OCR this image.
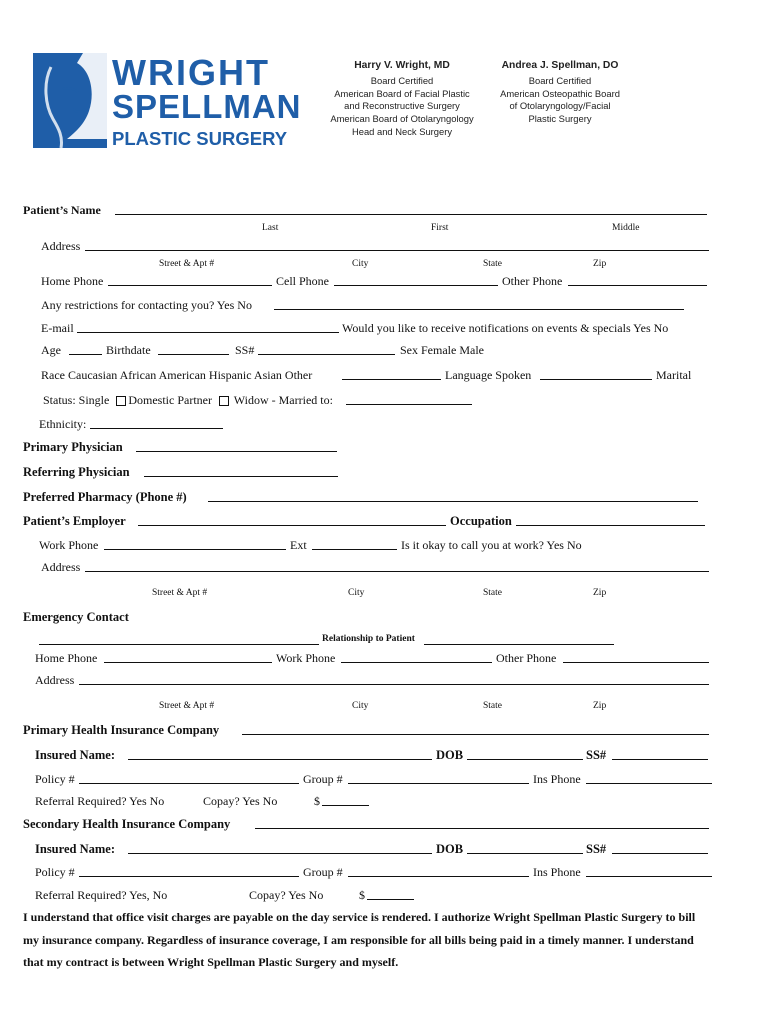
WRIGHT
SPELLMAN
PLASTIC SURGERY
Harry V. Wright, MD
Board Certified
American Board of Facial Plastic
and Reconstructive Surgery
American Board of Otolaryngology
Head and Neck Surgery
Andrea J. Spellman, DO
Board Certified
American Osteopathic Board
of Otolaryngology/Facial
Plastic Surgery
Patient’s Name
Last	First	Middle
Address
Street & Apt #	City	State	Zip
Home Phone	Cell Phone	Other Phone
Any restrictions for contacting you? Yes No
E-mail	Would you like to receive notifications on events & specials Yes No
Age	Birthdate	SS#	Sex Female Male
Race Caucasian African American Hispanic Asian Other	Language Spoken	Marital
Status: Single Domestic Partner  Widow - Married to:
Ethnicity:
Primary Physician
Referring Physician
Preferred Pharmacy (Phone #)
Patient’s Employer	Occupation
Work Phone	Ext	Is it okay to call you at work? Yes No
Address
Street & Apt #	City	State	Zip
Emergency Contact
Relationship to Patient
Home Phone	Work Phone	Other Phone
Address
Street & Apt #	City	State	Zip
Primary Health Insurance Company
Insured Name:	DOB	SS#
Policy #	Group #	Ins Phone
Referral Required? Yes No	Copay? Yes No	$
Secondary Health Insurance Company
Insured Name:	DOB	SS#
Policy #	Group #	Ins Phone
Referral Required? Yes, No	Copay? Yes No	$
I understand that office visit charges are payable on the day service is rendered. I authorize Wright Spellman Plastic Surgery to bill
my insurance company. Regardless of insurance coverage, I am responsible for all bills being paid in a timely manner. I understand
that my contract is between Wright Spellman Plastic Surgery and myself.
